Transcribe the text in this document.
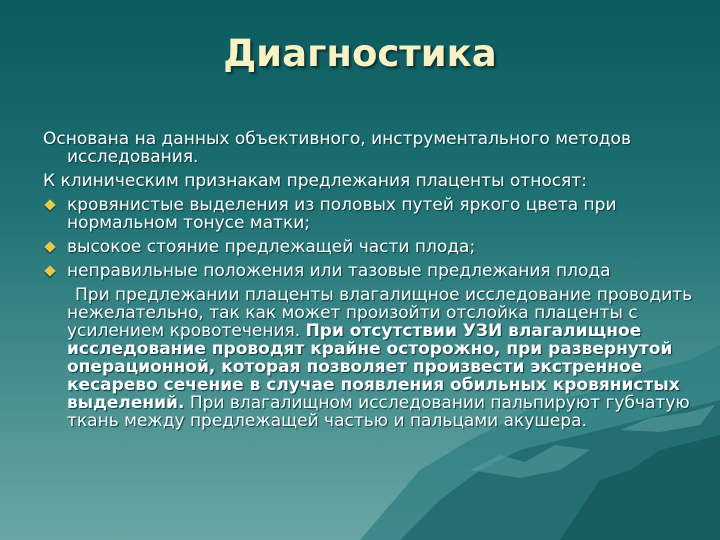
Диагностика

Основана на данных объективного, инструментального методов исследования.

К клиническим признакам предлежания плаценты относят:

кровянистые выделения из половых путей яркого цвета при нормальном тонусе матки;
высокое стояние предлежащей части плода;
неправильные положения или тазовые предлежания плода

При предлежании плаценты влагалищное исследование проводить нежелательно, так как может произойти отслойка плаценты с усилением кровотечения. При отсутствии УЗИ влагалищное исследование проводят крайне осторожно, при развернутой операционной, которая позволяет произвести экстренное кесарево сечение в случае появления обильных кровянистых выделений. При влагалищном исследовании пальпируют губчатую ткань между предлежащей частью и пальцами акушера.
